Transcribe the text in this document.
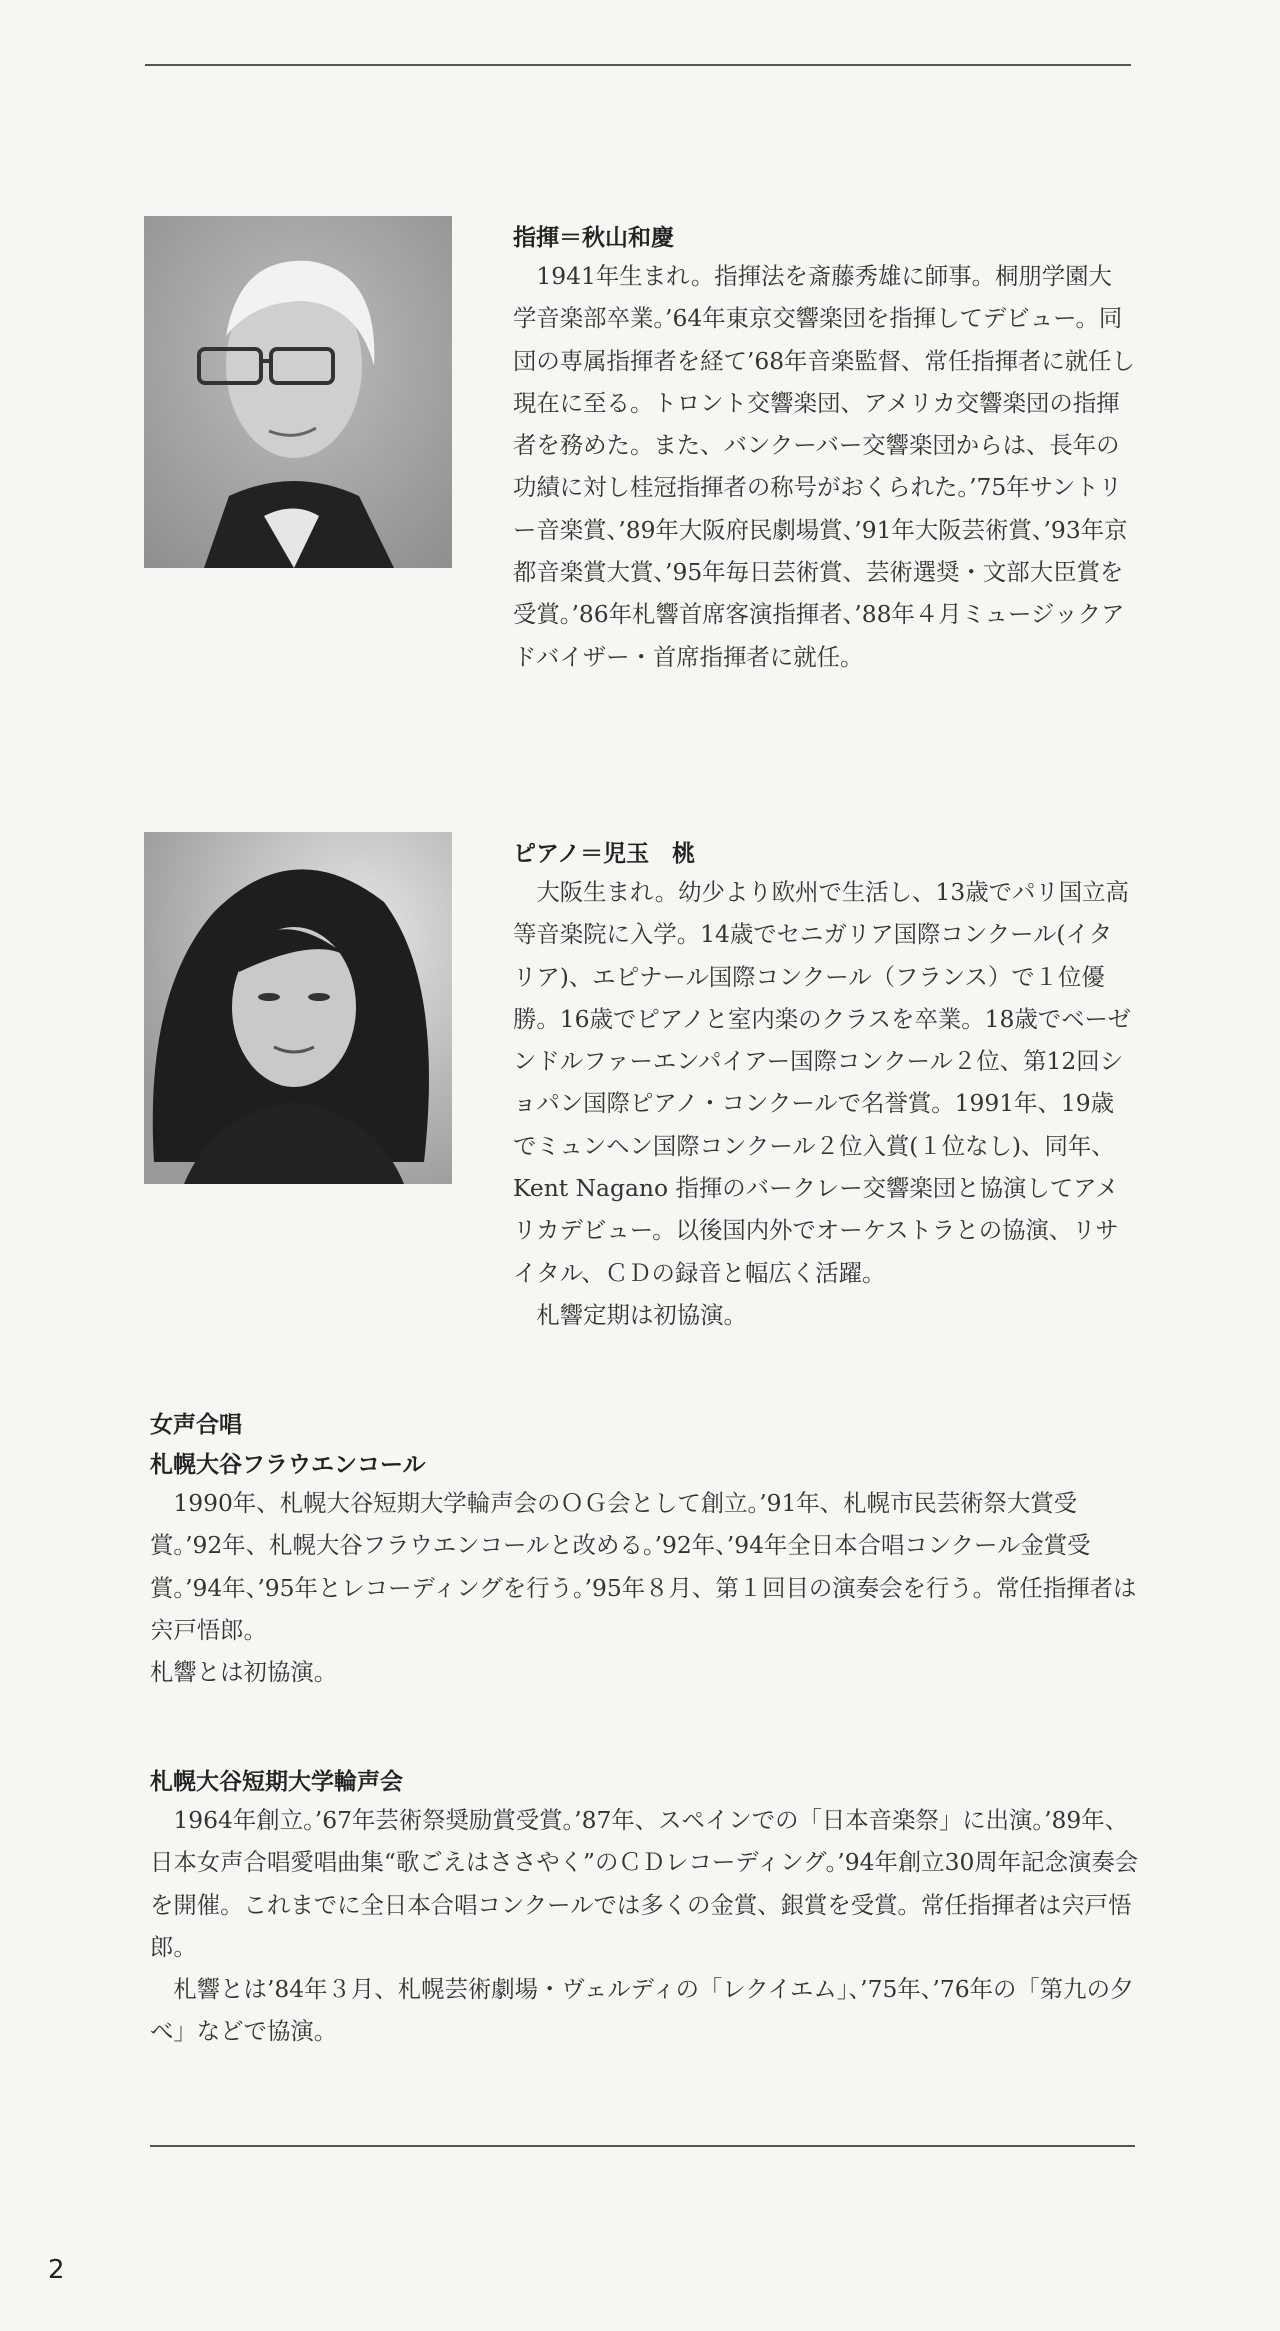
指揮＝秋山和慶

1941年生まれ。指揮法を斎藤秀雄に師事。桐朋学園大学音楽部卒業。’64年東京交響楽団を指揮してデビュー。同団の専属指揮者を経て’68年音楽監督、常任指揮者に就任し現在に至る。トロント交響楽団、アメリカ交響楽団の指揮者を務めた。また、バンクーバー交響楽団からは、長年の功績に対し桂冠指揮者の称号がおくられた。’75年サントリー音楽賞、’89年大阪府民劇場賞、’91年大阪芸術賞、’93年京都音楽賞大賞、’95年毎日芸術賞、芸術選奨・文部大臣賞を受賞。’86年札響首席客演指揮者、’88年４月ミュージックアドバイザー・首席指揮者に就任。

ピアノ＝児玉　桃

大阪生まれ。幼少より欧州で生活し、13歳でパリ国立高等音楽院に入学。14歳でセニガリア国際コンクール(イタリア)、エピナール国際コンクール（フランス）で１位優勝。16歳でピアノと室内楽のクラスを卒業。18歳でベーゼンドルファーエンパイアー国際コンクール２位、第12回ショパン国際ピアノ・コンクールで名誉賞。1991年、19歳でミュンヘン国際コンクール２位入賞(１位なし)、同年、Kent Nagano 指揮のバークレー交響楽団と協演してアメリカデビュー。以後国内外でオーケストラとの協演、リサイタル、ＣＤの録音と幅広く活躍。

札響定期は初協演。

女声合唱
札幌大谷フラウエンコール

1990年、札幌大谷短期大学輪声会のＯＧ会として創立。’91年、札幌市民芸術祭大賞受賞。’92年、札幌大谷フラウエンコールと改める。’92年、’94年全日本合唱コンクール金賞受賞。’94年、’95年とレコーディングを行う。’95年８月、第１回目の演奏会を行う。常任指揮者は宍戸悟郎。

札響とは初協演。

札幌大谷短期大学輪声会

1964年創立。’67年芸術祭奨励賞受賞。’87年、スペインでの「日本音楽祭」に出演。’89年、日本女声合唱愛唱曲集“歌ごえはささやく”のＣＤレコーディング。’94年創立30周年記念演奏会を開催。これまでに全日本合唱コンクールでは多くの金賞、銀賞を受賞。常任指揮者は宍戸悟郎。

札響とは’84年３月、札幌芸術劇場・ヴェルディの「レクイエム」、’75年、’76年の「第九の夕べ」などで協演。

2
